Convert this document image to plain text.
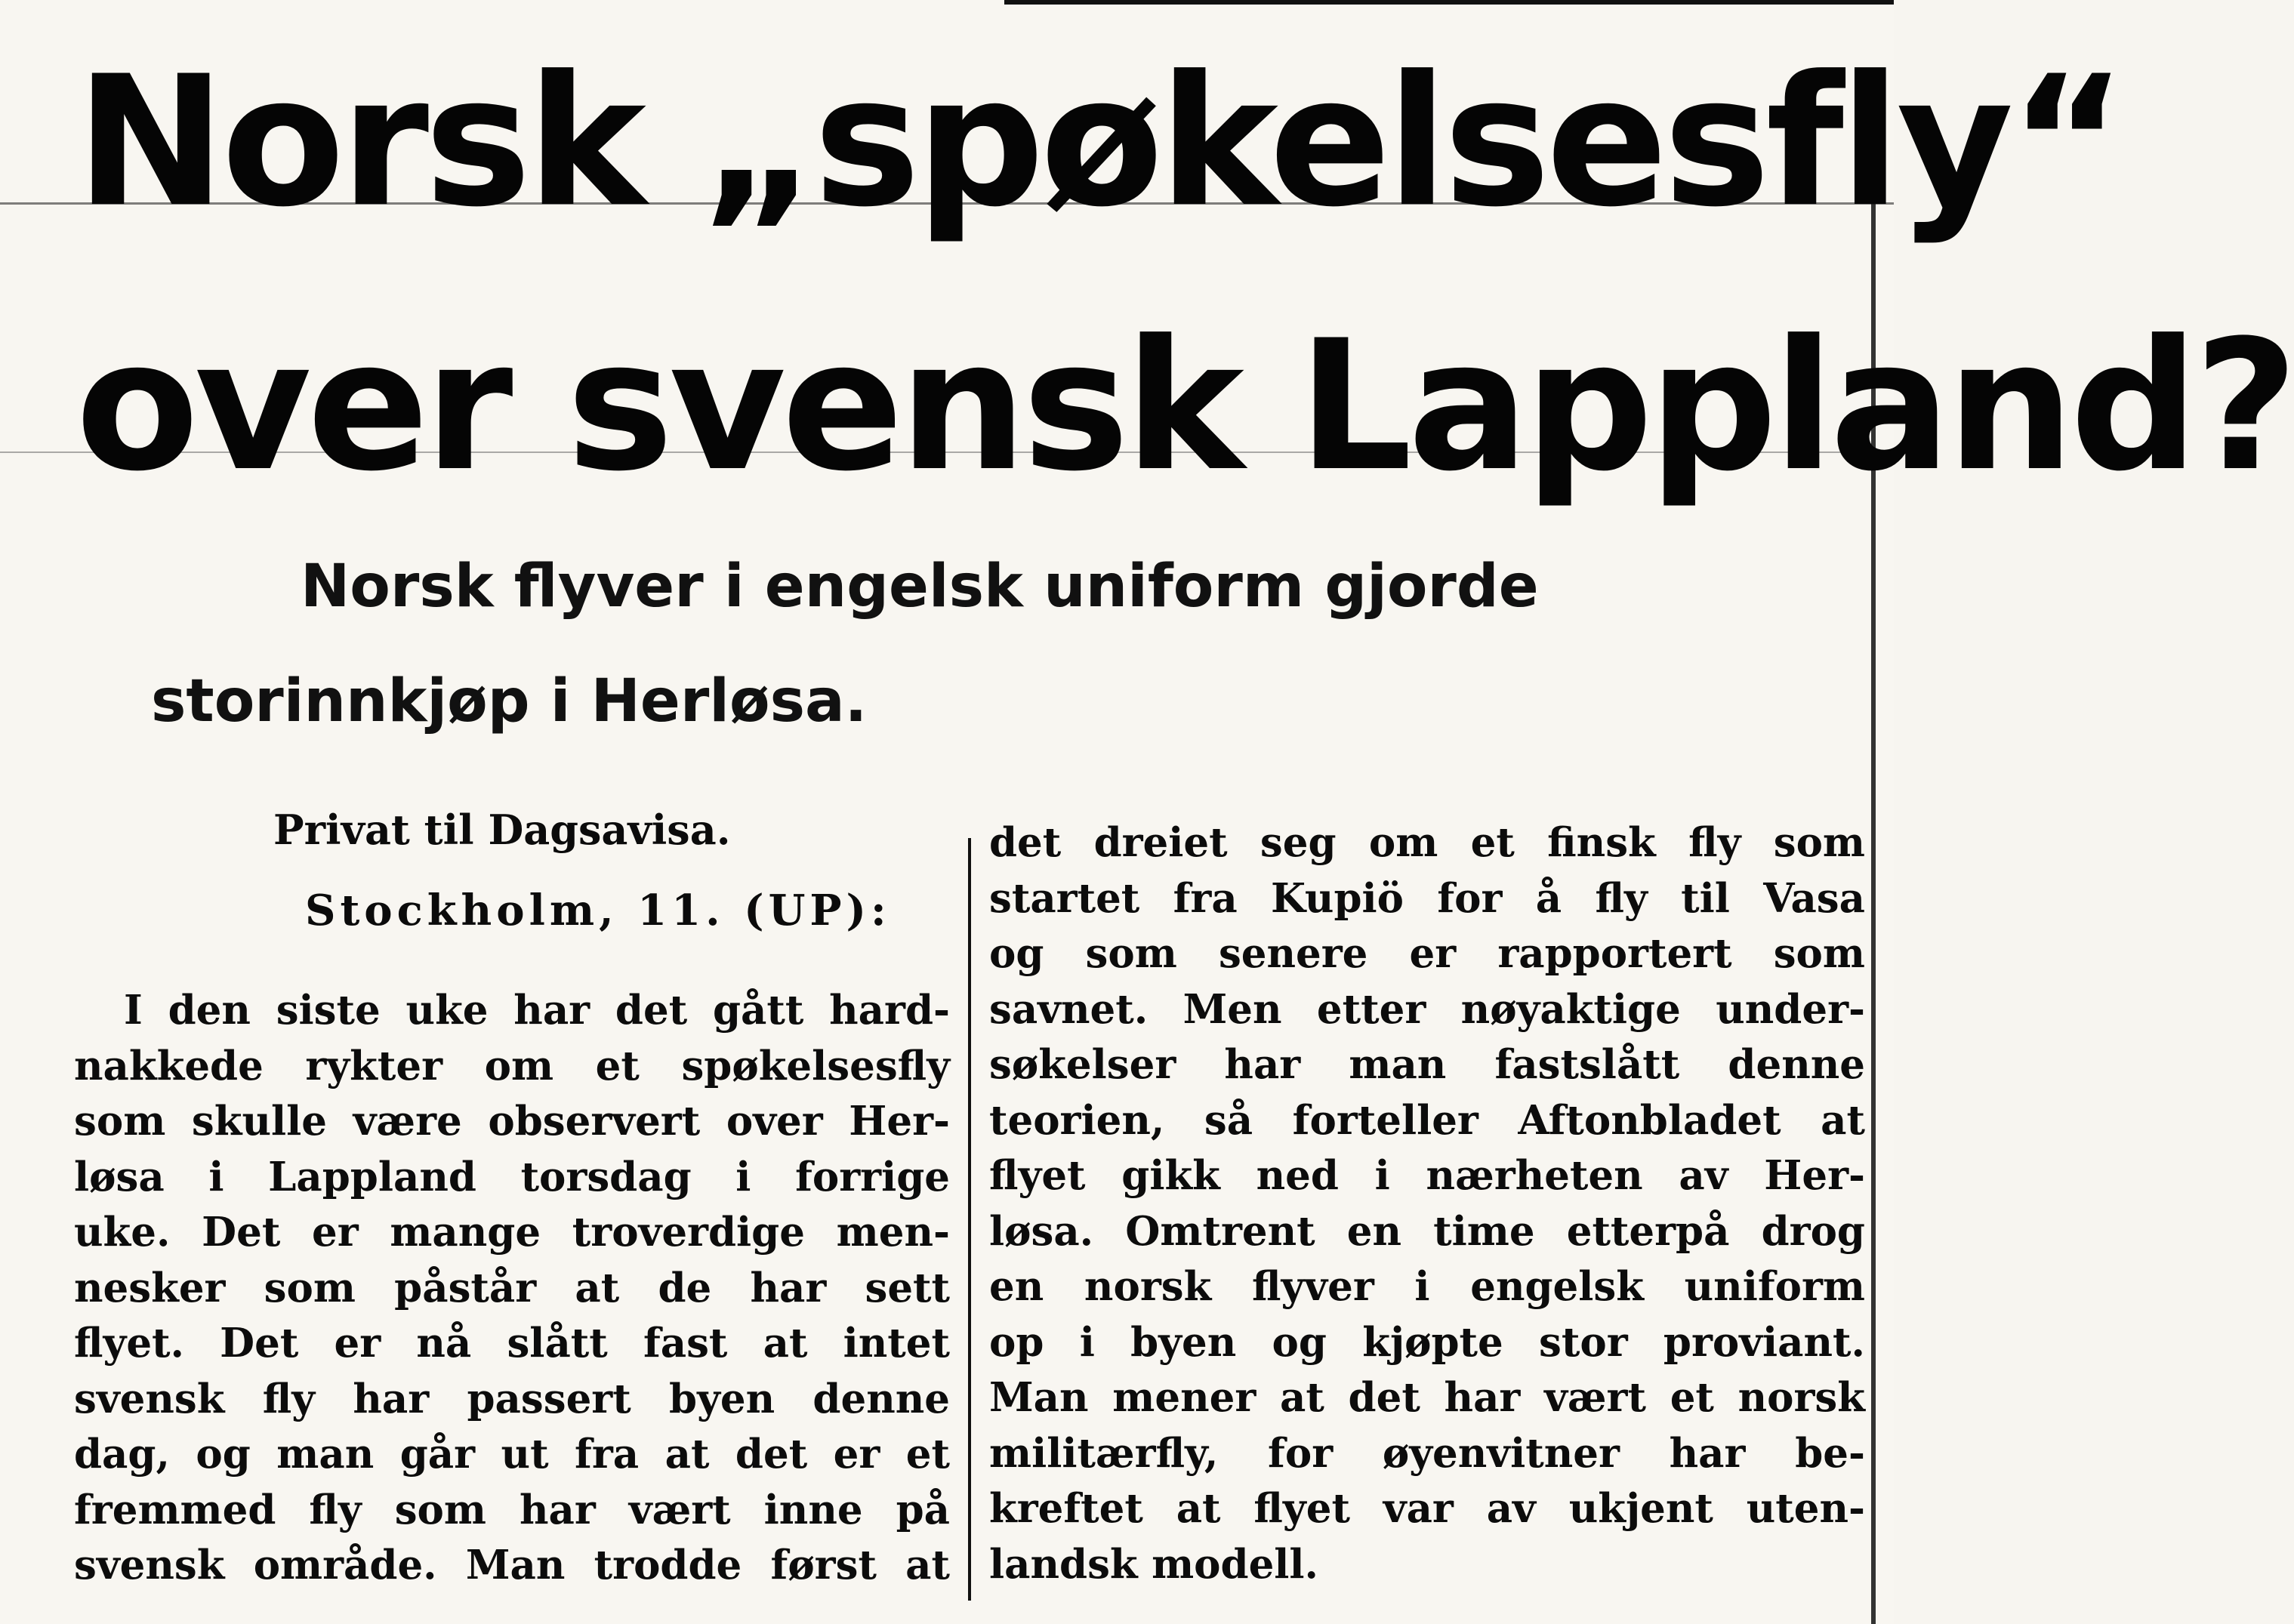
Norsk „spøkelsesfly“
over svensk Lappland?
Norsk flyver i engelsk uniform gjorde
storinnkjøp i Herløsa.
Privat til Dagsavisa.
Stockholm, 11. (UP):
I den siste uke har det gått hard-
nakkede rykter om et spøkelsesfly
som skulle være observert over Her-
løsa i Lappland torsdag i forrige
uke. Det er mange troverdige men-
nesker som påstår at de har sett
flyet. Det er nå slått fast at intet
svensk fly har passert byen denne
dag, og man går ut fra at det er et
fremmed fly som har vært inne på
svensk område. Man trodde først at
det dreiet seg om et finsk fly som
startet fra Kupiö for å fly til Vasa
og som senere er rapportert som
savnet. Men etter nøyaktige under-
søkelser har man fastslått denne
teorien, så forteller Aftonbladet at
flyet gikk ned i nærheten av Her-
løsa. Omtrent en time etterpå drog
en norsk flyver i engelsk uniform
op i byen og kjøpte stor proviant.
Man mener at det har vært et norsk
militærfly, for øyenvitner har be-
kreftet at flyet var av ukjent uten-
landsk modell.
